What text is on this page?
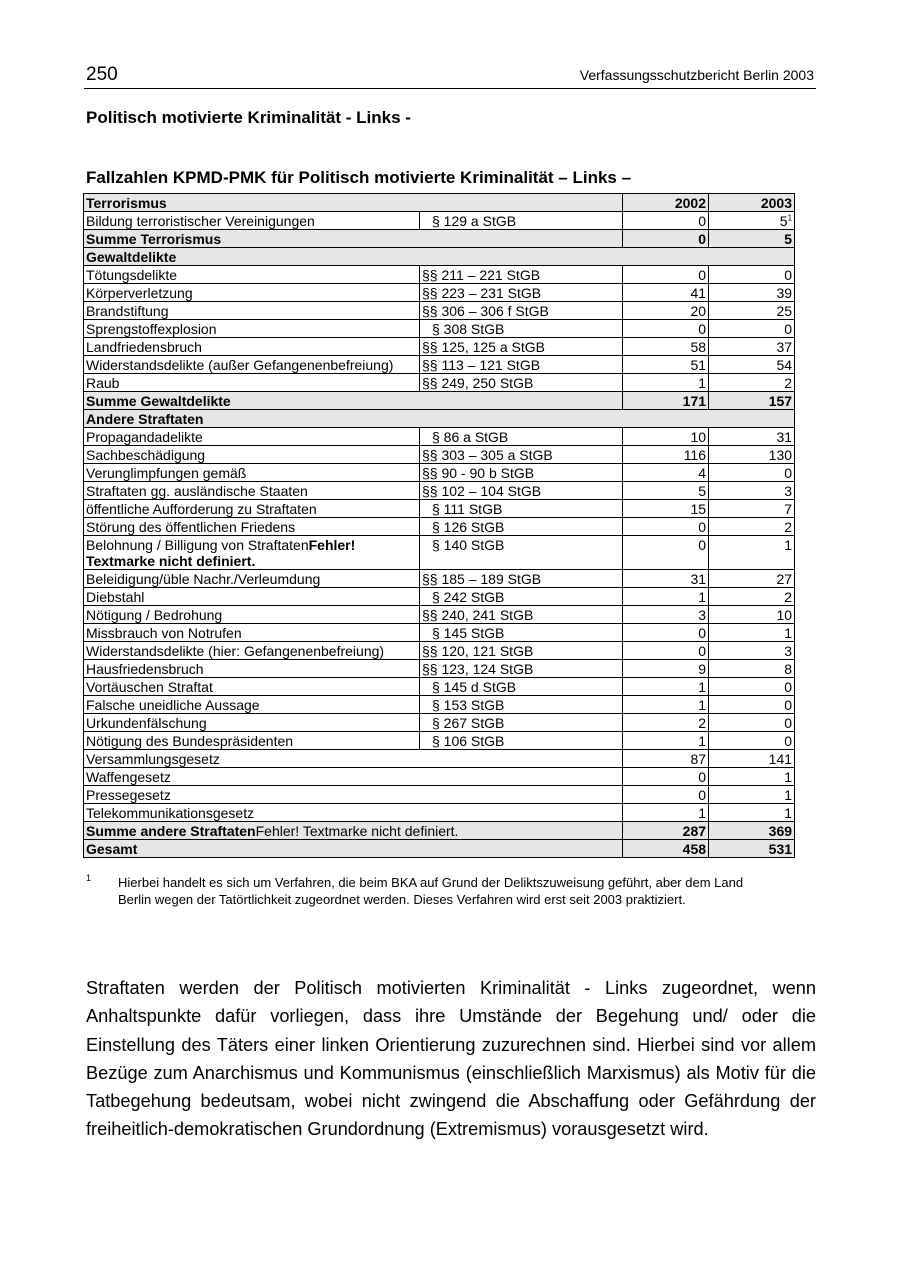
250	Verfassungsschutzbericht Berlin 2003
Politisch motivierte Kriminalität - Links -
Fallzahlen KPMD-PMK für Politisch motivierte Kriminalität – Links –
Terrorismus		2002	2003
Bildung terroristischer Vereinigungen	§ 129 a StGB	0	5$^1$
Summe Terrorismus		0	5
Gewaltdelikte			
Tötungsdelikte	§§ 211 – 221 StGB	0	0
Körperverletzung	§§ 223 – 231 StGB	41	39
Brandstiftung	§§ 306 – 306 f StGB	20	25
Sprengstoffexplosion	§ 308 StGB	0	0
Landfriedensbruch	§§ 125, 125 a StGB	58	37
Widerstandsdelikte (außer Gefangenenbefreiung)	§§ 113 – 121 StGB	51	54
Raub	§§ 249, 250 StGB	1	2
Summe Gewaltdelikte		171	157
Andere Straftaten			
Propagandadelikte	§ 86 a StGB	10	31
Sachbeschädigung	§§ 303 – 305 a StGB	116	130
Verunglimpfungen gemäß	§§ 90 - 90 b StGB	4	0
Straftaten gg. ausländische Staaten	§§ 102 – 104 StGB	5	3
öffentliche Aufforderung zu Straftaten	§ 111 StGB	15	7
Störung des öffentlichen Friedens	§ 126 StGB	0	2
Belohnung / Billigung von StraftatenFehler! Textmarke nicht definiert.	§ 140 StGB	0	1
Beleidigung/üble Nachr./Verleumdung	§§ 185 – 189 StGB	31	27
Diebstahl	§ 242 StGB	1	2
Nötigung / Bedrohung	§§ 240, 241 StGB	3	10
Missbrauch von Notrufen	§ 145 StGB	0	1
Widerstandsdelikte (hier: Gefangenenbefreiung)	§§ 120, 121 StGB	0	3
Hausfriedensbruch	§§ 123, 124 StGB	9	8
Vortäuschen Straftat	§ 145 d StGB	1	0
Falsche uneidliche Aussage	§ 153 StGB	1	0
Urkundenfälschung	§ 267 StGB	2	0
Nötigung des Bundespräsidenten	§ 106 StGB	1	0
Versammlungsgesetz		87	141
Waffengesetz		0	1
Pressegesetz		0	1
Telekommunikationsgesetz		1	1
Summe andere StraftatenFehler! Textmarke nicht definiert.		287	369
Gesamt		458	531
1 Hierbei handelt es sich um Verfahren, die beim BKA auf Grund der Deliktszuweisung geführt, aber dem Land Berlin wegen der Tatörtlichkeit zugeordnet werden. Dieses Verfahren wird erst seit 2003 praktiziert.
Straftaten werden der Politisch motivierten Kriminalität - Links zugeordnet, wenn Anhaltspunkte dafür vorliegen, dass ihre Umstände der Begehung und/ oder die Einstellung des Täters einer linken Orientierung zuzurechnen sind. Hierbei sind vor allem Bezüge zum Anarchismus und Kommunismus (einschließlich Marxismus) als Motiv für die Tatbegehung bedeutsam, wobei nicht zwingend die Abschaffung oder Gefährdung der freiheitlich-demokratischen Grundordnung (Extremismus) vorausgesetzt wird.
